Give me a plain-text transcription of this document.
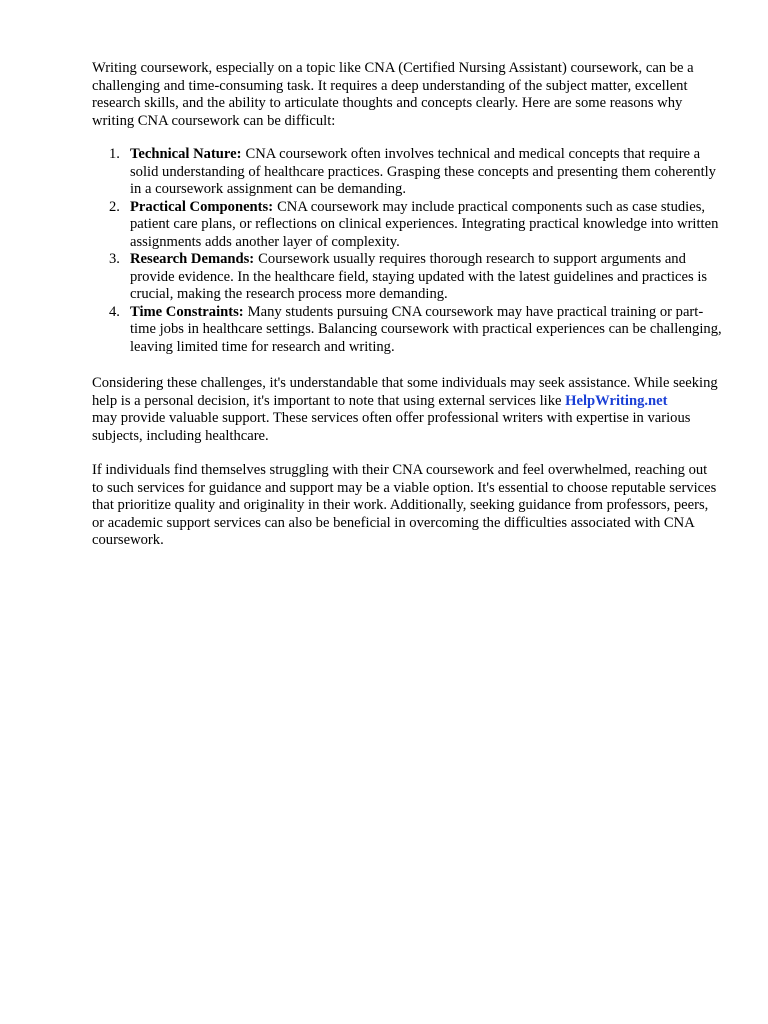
Writing coursework, especially on a topic like CNA (Certified Nursing Assistant) coursework, can be a challenging and time-consuming task. It requires a deep understanding of the subject matter, excellent research skills, and the ability to articulate thoughts and concepts clearly. Here are some reasons why writing CNA coursework can be difficult:

1. Technical Nature: CNA coursework often involves technical and medical concepts that require a solid understanding of healthcare practices. Grasping these concepts and presenting them coherently in a coursework assignment can be demanding.
2. Practical Components: CNA coursework may include practical components such as case studies, patient care plans, or reflections on clinical experiences. Integrating practical knowledge into written assignments adds another layer of complexity.
3. Research Demands: Coursework usually requires thorough research to support arguments and provide evidence. In the healthcare field, staying updated with the latest guidelines and practices is crucial, making the research process more demanding.
4. Time Constraints: Many students pursuing CNA coursework may have practical training or part-time jobs in healthcare settings. Balancing coursework with practical experiences can be challenging, leaving limited time for research and writing.

Considering these challenges, it's understandable that some individuals may seek assistance. While seeking help is a personal decision, it's important to note that using external services like HelpWriting.netmay provide valuable support. These services often offer professional writers with expertise in various subjects, including healthcare.

If individuals find themselves struggling with their CNA coursework and feel overwhelmed, reaching out to such services for guidance and support may be a viable option. It's essential to choose reputable services that prioritize quality and originality in their work. Additionally, seeking guidance from professors, peers, or academic support services can also be beneficial in overcoming the difficulties associated with CNA coursework.
